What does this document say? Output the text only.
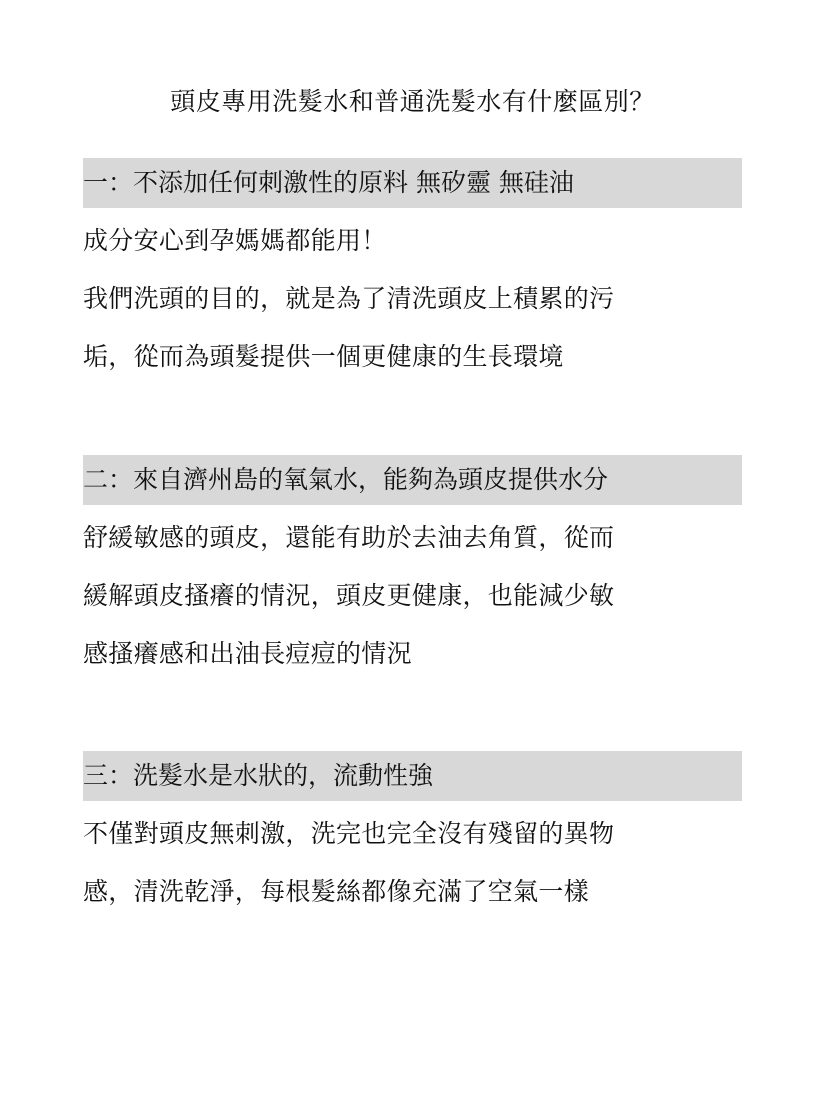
頭皮專用洗髮水和普通洗髮水有什麼區別？
一：不添加任何刺激性的原料 無矽靈 無硅油
成分安心到孕媽媽都能用！
我們洗頭的目的，就是為了清洗頭皮上積累的污
垢，從而為頭髮提供一個更健康的生長環境
二：來自濟州島的氧氣水，能夠為頭皮提供水分
舒緩敏感的頭皮，還能有助於去油去角質，從而
緩解頭皮搔癢的情況，頭皮更健康，也能減少敏
感搔癢感和出油長痘痘的情況
三：洗髮水是水狀的，流動性強
不僅對頭皮無刺激，洗完也完全沒有殘留的異物
感，清洗乾淨，每根髮絲都像充滿了空氣一樣
